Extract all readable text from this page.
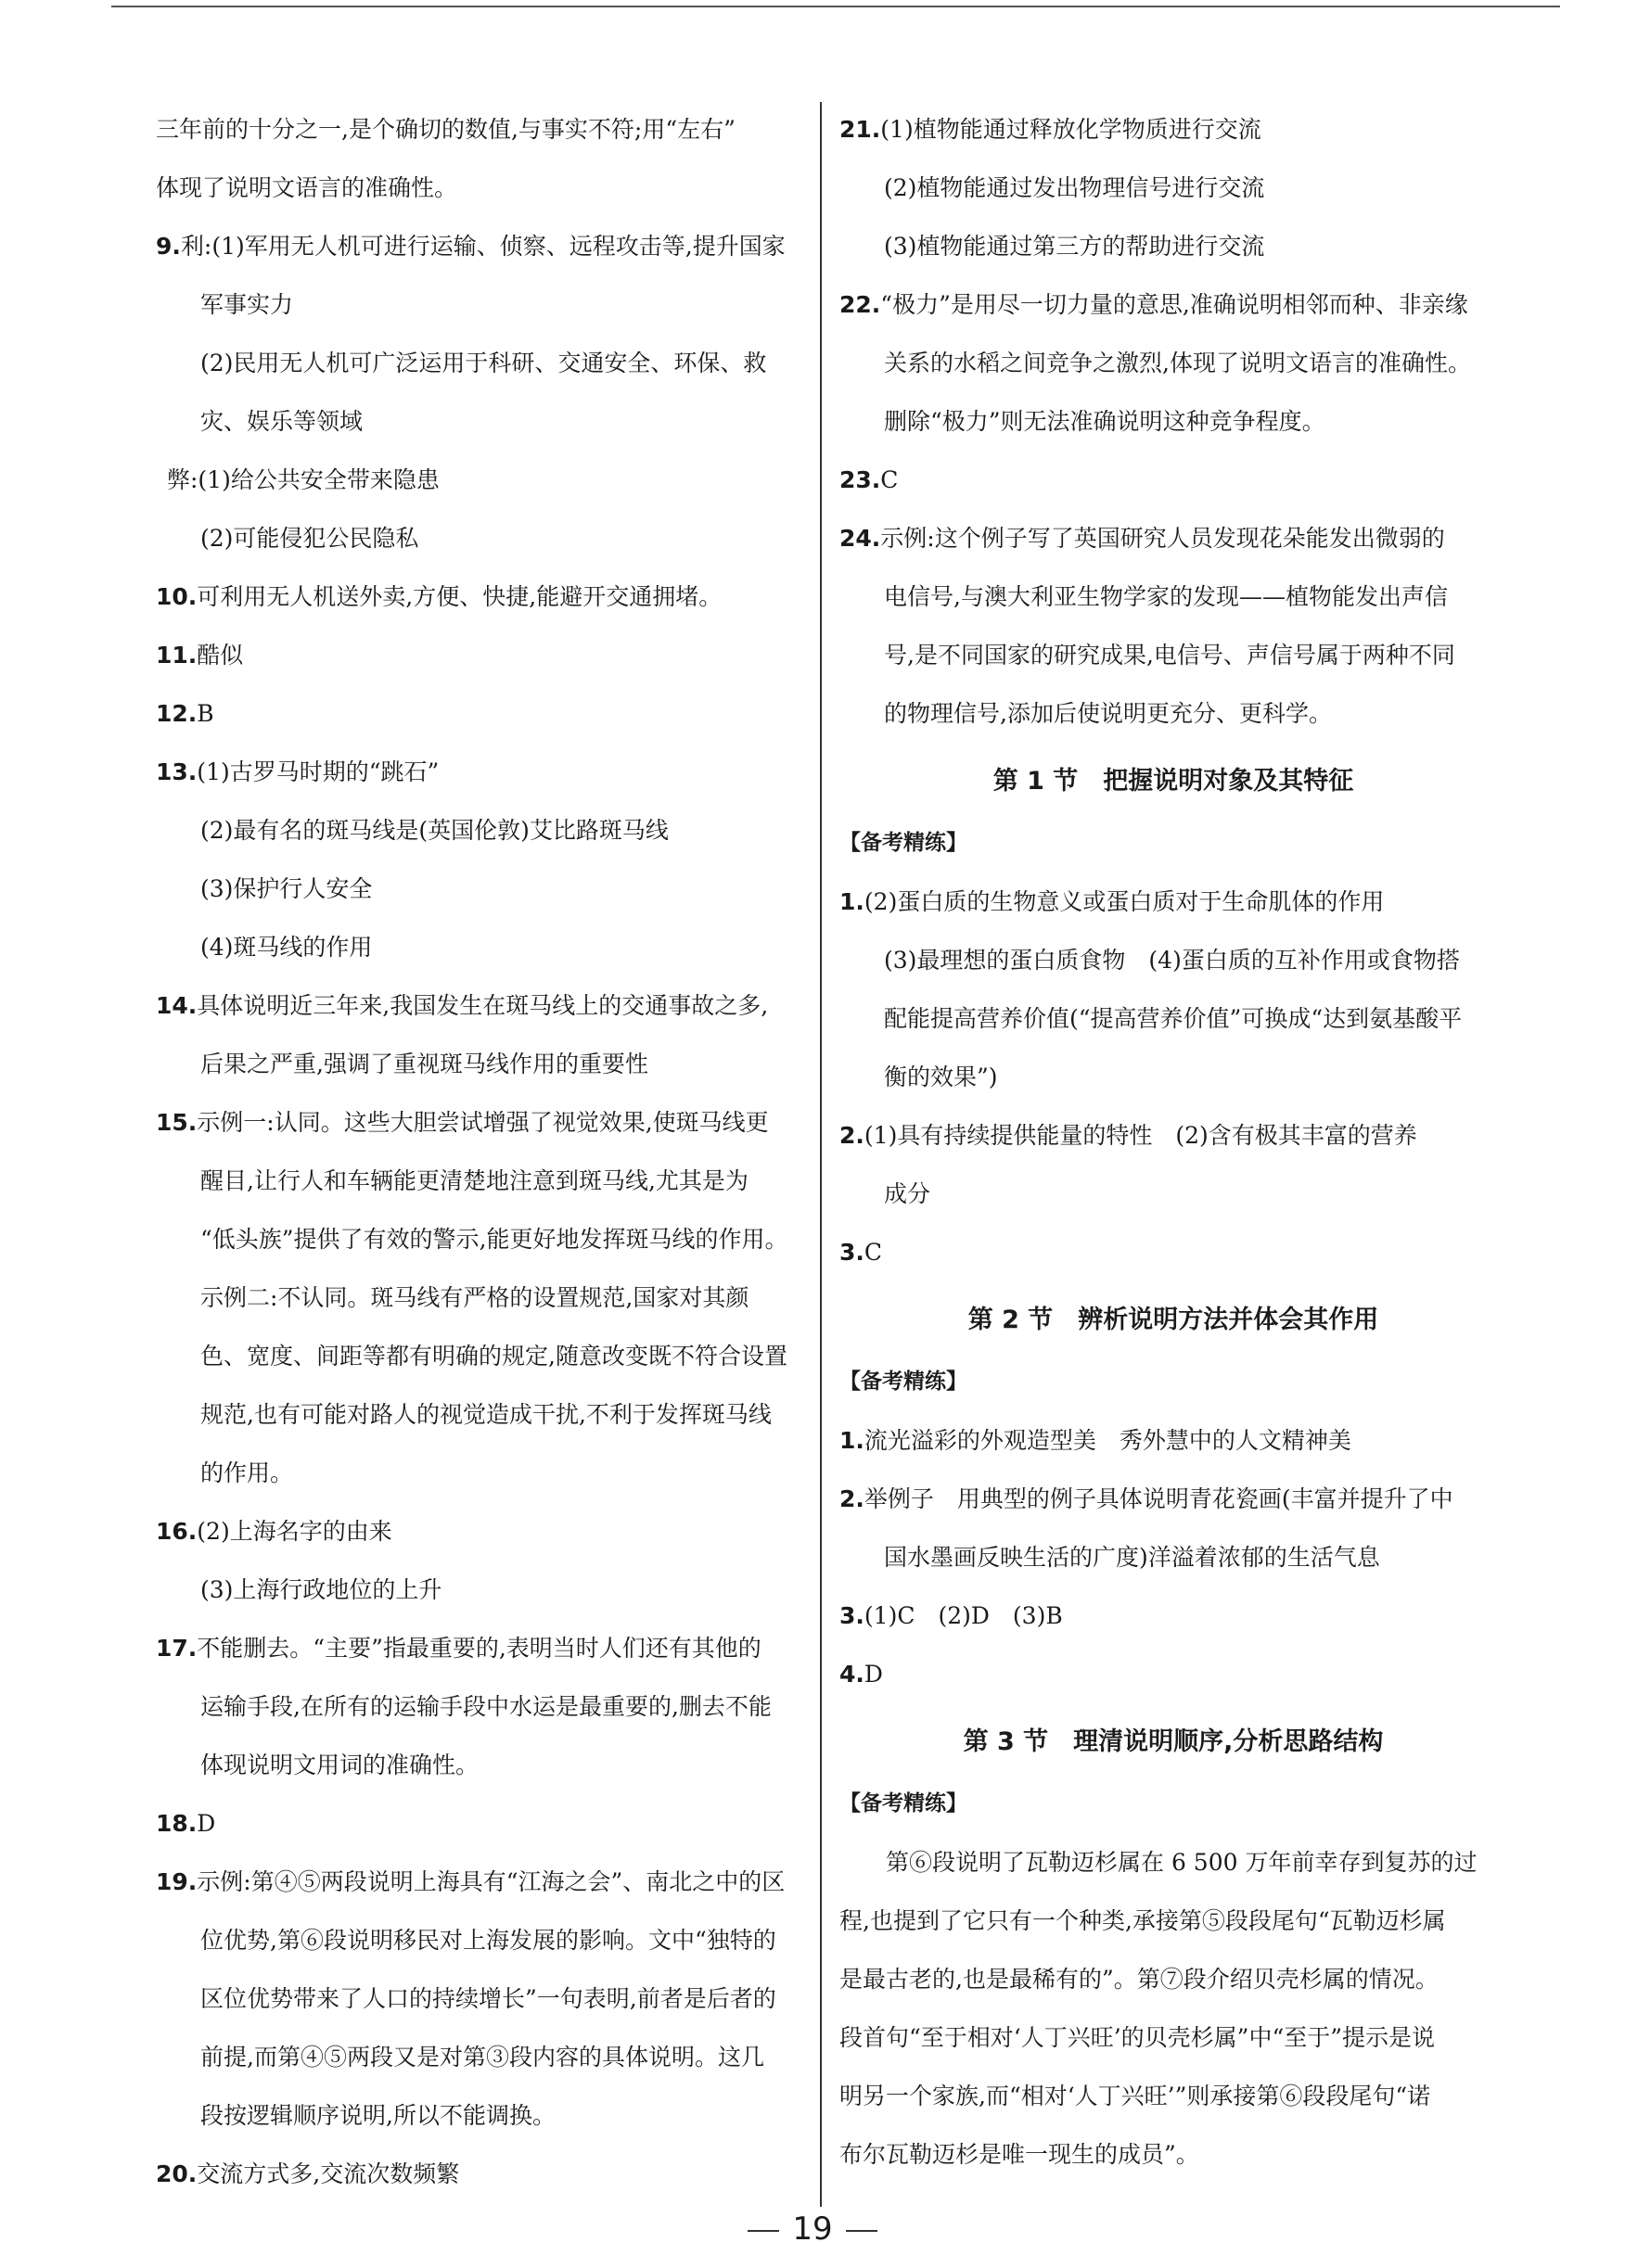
三年前的十分之一,是个确切的数值,与事实不符;用“左右”

体现了说明文语言的准确性。

9.利:(1)军用无人机可进行运输、侦察、远程攻击等,提升国家

军事实力

(2)民用无人机可广泛运用于科研、交通安全、环保、救

灾、娱乐等领域

弊:(1)给公共安全带来隐患

(2)可能侵犯公民隐私

10.可利用无人机送外卖,方便、快捷,能避开交通拥堵。

11.酷似

12.B

13.(1)古罗马时期的“跳石”

(2)最有名的斑马线是(英国伦敦)艾比路斑马线

(3)保护行人安全

(4)斑马线的作用

14.具体说明近三年来,我国发生在斑马线上的交通事故之多,

后果之严重,强调了重视斑马线作用的重要性

15.示例一:认同。这些大胆尝试增强了视觉效果,使斑马线更

醒目,让行人和车辆能更清楚地注意到斑马线,尤其是为

“低头族”提供了有效的警示,能更好地发挥斑马线的作用。

示例二:不认同。斑马线有严格的设置规范,国家对其颜

色、宽度、间距等都有明确的规定,随意改变既不符合设置

规范,也有可能对路人的视觉造成干扰,不利于发挥斑马线

的作用。

16.(2)上海名字的由来

(3)上海行政地位的上升

17.不能删去。“主要”指最重要的,表明当时人们还有其他的

运输手段,在所有的运输手段中水运是最重要的,删去不能

体现说明文用词的准确性。

18.D

19.示例:第④⑤两段说明上海具有“江海之会”、南北之中的区

位优势,第⑥段说明移民对上海发展的影响。文中“独特的

区位优势带来了人口的持续增长”一句表明,前者是后者的

前提,而第④⑤两段又是对第③段内容的具体说明。这几

段按逻辑顺序说明,所以不能调换。

20.交流方式多,交流次数频繁

21.(1)植物能通过释放化学物质进行交流

(2)植物能通过发出物理信号进行交流

(3)植物能通过第三方的帮助进行交流

22.“极力”是用尽一切力量的意思,准确说明相邻而种、非亲缘

关系的水稻之间竞争之激烈,体现了说明文语言的准确性。

删除“极力”则无法准确说明这种竞争程度。

23.C

24.示例:这个例子写了英国研究人员发现花朵能发出微弱的

电信号,与澳大利亚生物学家的发现——植物能发出声信

号,是不同国家的研究成果,电信号、声信号属于两种不同

的物理信号,添加后使说明更充分、更科学。

第 1 节　把握说明对象及其特征
【备考精练】

1.(2)蛋白质的生物意义或蛋白质对于生命肌体的作用

(3)最理想的蛋白质食物　(4)蛋白质的互补作用或食物搭

配能提高营养价值(“提高营养价值”可换成“达到氨基酸平

衡的效果”)

2.(1)具有持续提供能量的特性　(2)含有极其丰富的营养

成分

3.C

第 2 节　辨析说明方法并体会其作用
【备考精练】

1.流光溢彩的外观造型美　秀外慧中的人文精神美

2.举例子　用典型的例子具体说明青花瓷画(丰富并提升了中

国水墨画反映生活的广度)洋溢着浓郁的生活气息

3.(1)C　(2)D　(3)B

4.D

第 3 节　理清说明顺序,分析思路结构
【备考精练】

第⑥段说明了瓦勒迈杉属在 6 500 万年前幸存到复苏的过

程,也提到了它只有一个种类,承接第⑤段段尾句“瓦勒迈杉属

是最古老的,也是最稀有的”。第⑦段介绍贝壳杉属的情况。

段首句“至于相对‘人丁兴旺’的贝壳杉属”中“至于”提示是说

明另一个家族,而“相对‘人丁兴旺’”则承接第⑥段段尾句“诺

布尔瓦勒迈杉是唯一现生的成员”。

19
